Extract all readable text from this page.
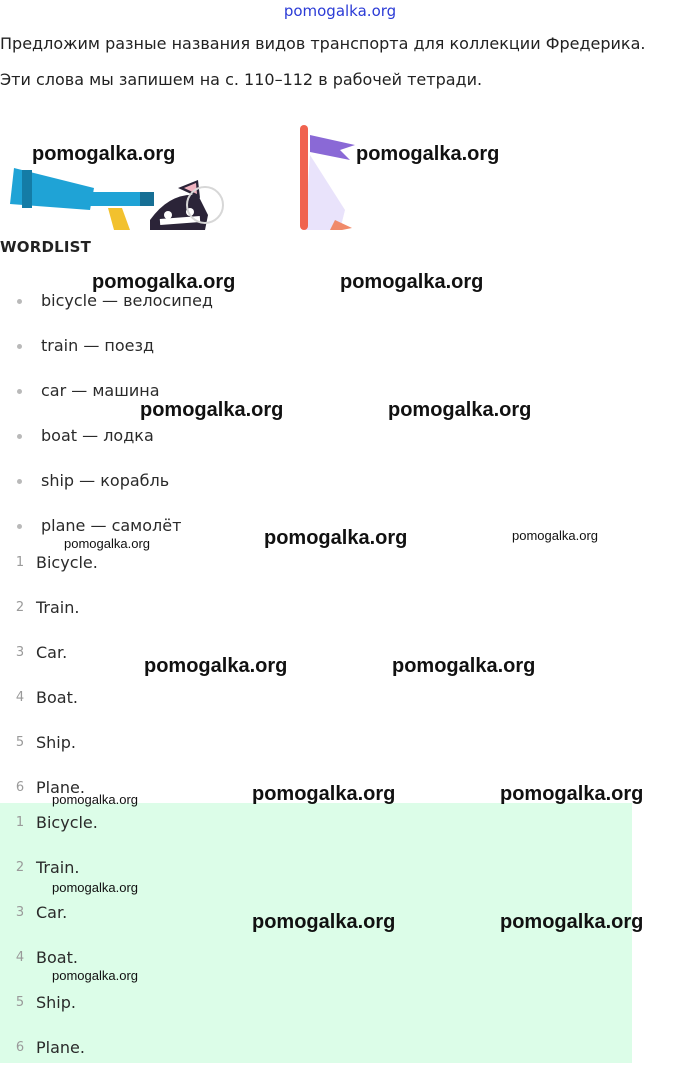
pomogalka.org
Предложим разные названия видов транспорта для коллекции Фредерика.
Эти слова мы запишем на с. 110–112 в рабочей тетради.
WORDLIST
bicycle — велосипед
train — поезд
car — машина
boat — лодка
ship — корабль
plane — самолёт
1 Bicycle.
2 Train.
3 Car.
4 Boat.
5 Ship.
6 Plane.
1 Bicycle.
2 Train.
3 Car.
4 Boat.
5 Ship.
6 Plane.
pomogalka.org	pomogalka.org
pomogalka.org	pomogalka.org
pomogalka.org	pomogalka.org
pomogalka.org	pomogalka.org	pomogalka.org
pomogalka.org	pomogalka.org
pomogalka.org	pomogalka.org	pomogalka.org
pomogalka.org
pomogalka.org	pomogalka.org
pomogalka.org
